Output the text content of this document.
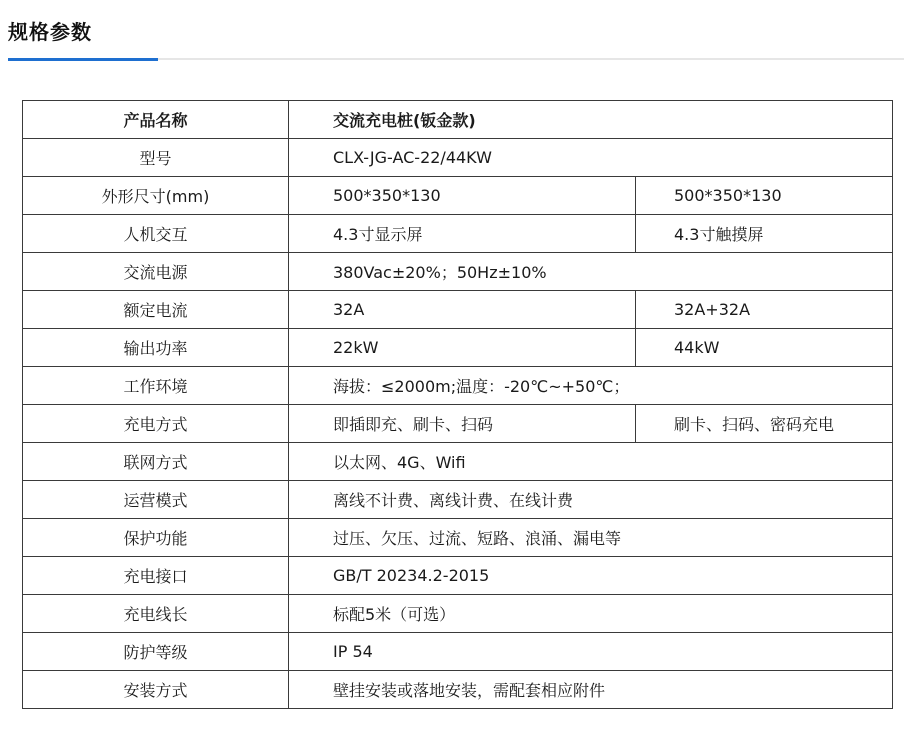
规格参数
产品名称	交流充电桩(钣金款)	
型号	CLX-JG-AC-22/44KW	
外形尺寸(mm)	500*350*130	500*350*130
人机交互	4.3寸显示屏	4.3寸触摸屏
交流电源	380Vac±20%；50Hz±10%	
额定电流	32A	32A+32A
输出功率	22kW	44kW
工作环境	海拔：≤2000m;温度：-20℃~+50℃；	
充电方式	即插即充、刷卡、扫码	刷卡、扫码、密码充电
联网方式	以太网、4G、Wifi	
运营模式	离线不计费、离线计费、在线计费	
保护功能	过压、欠压、过流、短路、浪涌、漏电等	
充电接口	GB/T 20234.2-2015	
充电线长	标配5米（可选）	
防护等级	IP 54	
安装方式	壁挂安装或落地安装，需配套相应附件	
